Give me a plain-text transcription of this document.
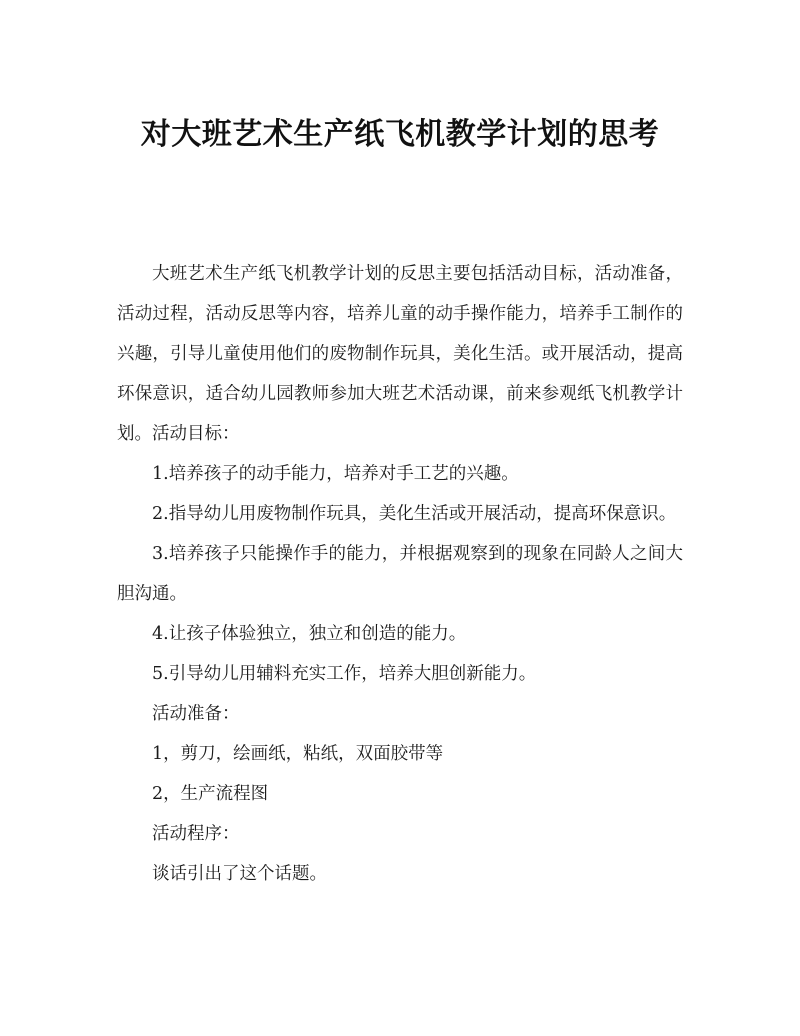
对大班艺术生产纸飞机教学计划的思考

大班艺术生产纸飞机教学计划的反思主要包括活动目标，活动准备，活动过程，活动反思等内容，培养儿童的动手操作能力，培养手工制作的兴趣，引导儿童使用他们的废物制作玩具，美化生活。或开展活动，提高环保意识，适合幼儿园教师参加大班艺术活动课，前来参观纸飞机教学计划。活动目标：

1.培养孩子的动手能力，培养对手工艺的兴趣。

2.指导幼儿用废物制作玩具，美化生活或开展活动，提高环保意识。

3.培养孩子只能操作手的能力，并根据观察到的现象在同龄人之间大胆沟通。

4.让孩子体验独立，独立和创造的能力。

5.引导幼儿用辅料充实工作，培养大胆创新能力。

活动准备：

1，剪刀，绘画纸，粘纸，双面胶带等

2，生产流程图

活动程序：

谈话引出了这个话题。
